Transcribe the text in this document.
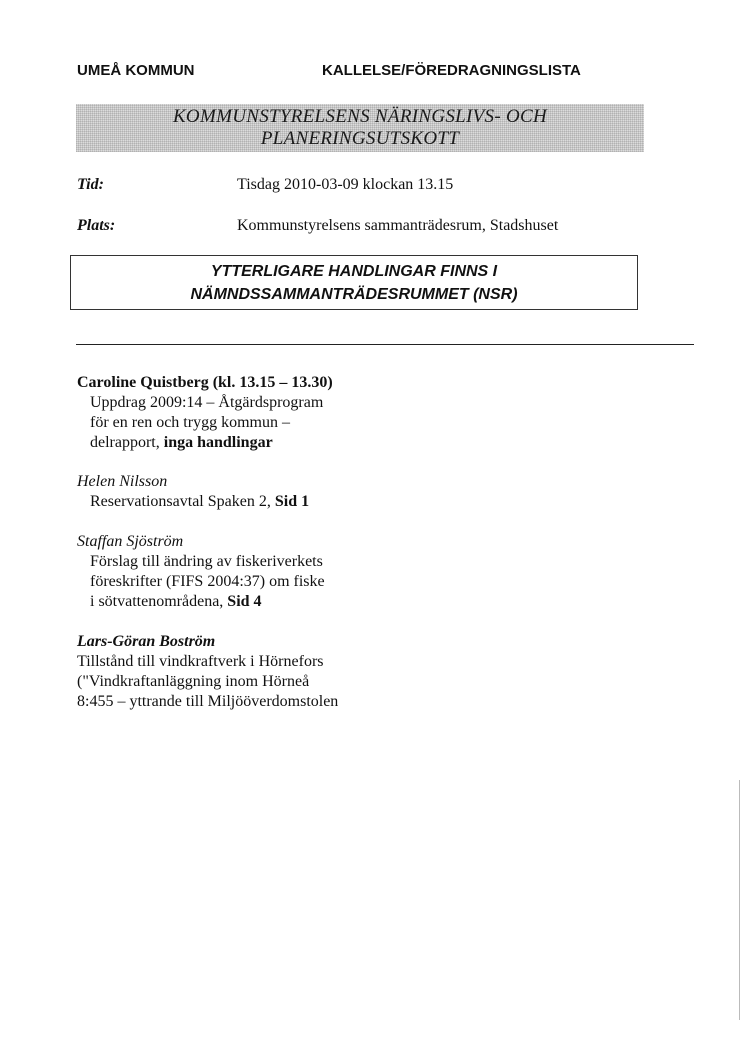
UMEÅ KOMMUN	KALLELSE/FÖREDRAGNINGSLISTA
KOMMUNSTYRELSENS NÄRINGSLIVS- OCH
PLANERINGSUTSKOTT
Tid:	Tisdag 2010-03-09 klockan 13.15
Plats:	Kommunstyrelsens sammanträdesrum, Stadshuset
YTTERLIGARE HANDLINGAR FINNS I
NÄMNDSSAMMANTRÄDESRUMMET (NSR)
Caroline Quistberg (kl. 13.15 – 13.30)
Uppdrag 2009:14 – Åtgärdsprogram
för en ren och trygg kommun –
delrapport, inga handlingar
Helen Nilsson
Reservationsavtal Spaken 2, Sid 1
Staffan Sjöström
Förslag till ändring av fiskeriverkets
föreskrifter (FIFS 2004:37) om fiske
i sötvattenområdena, Sid 4
Lars-Göran Boström
Tillstånd till vindkraftverk i Hörnefors
("Vindkraftanläggning inom Hörneå
8:455 – yttrande till Miljööverdomstolen
